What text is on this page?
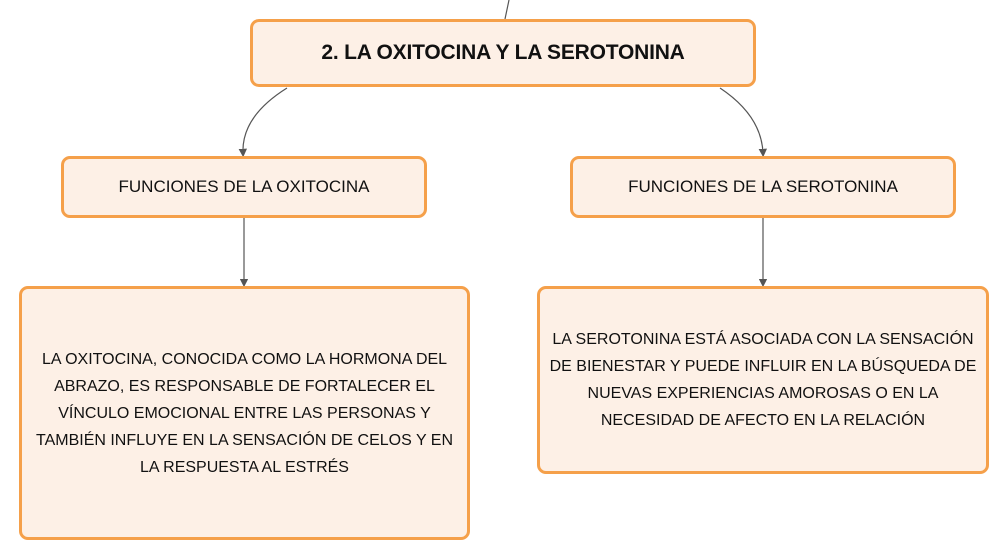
2. LA OXITOCINA Y LA SEROTONINA
FUNCIONES DE LA OXITOCINA	FUNCIONES DE LA SEROTONINA
LA OXITOCINA, CONOCIDA COMO LA HORMONA DEL ABRAZO, ES RESPONSABLE DE FORTALECER EL VÍNCULO EMOCIONAL ENTRE LAS PERSONAS Y TAMBIÉN INFLUYE EN LA SENSACIÓN DE CELOS Y EN LA RESPUESTA AL ESTRÉS
LA SEROTONINA ESTÁ ASOCIADA CON LA SENSACIÓN DE BIENESTAR Y PUEDE INFLUIR EN LA BÚSQUEDA DE NUEVAS EXPERIENCIAS AMOROSAS O EN LA NECESIDAD DE AFECTO EN LA RELACIÓN
